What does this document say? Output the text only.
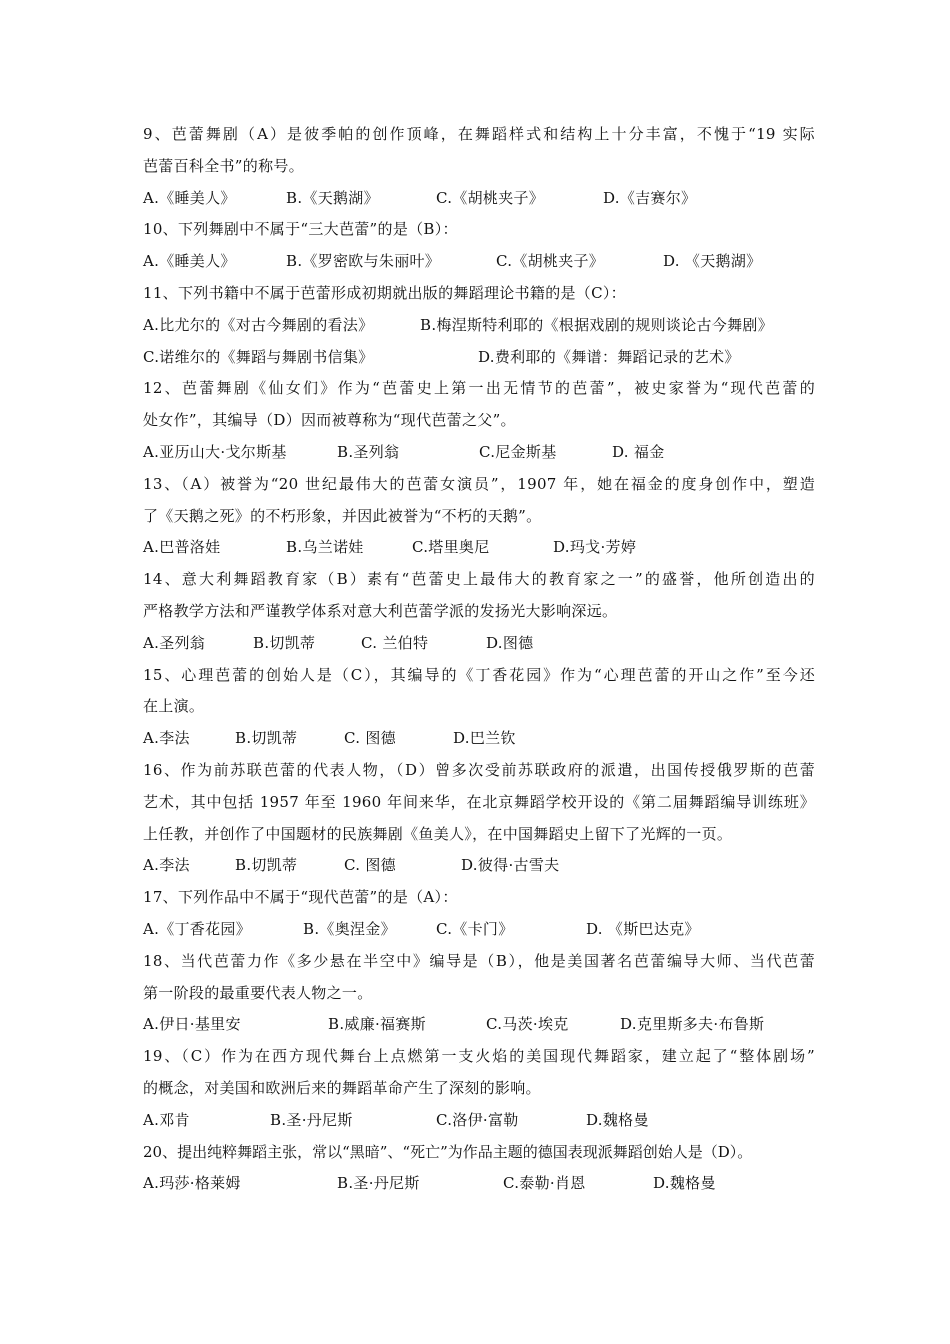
9、芭蕾舞剧（A）是彼季帕的创作顶峰，在舞蹈样式和结构上十分丰富，不愧于“19 实际
芭蕾百科全书”的称号。
A.《睡美人》	B.《天鹅湖》	C.《胡桃夹子》	D.《吉赛尔》
10、下列舞剧中不属于“三大芭蕾”的是（B）：
A.《睡美人》	B.《罗密欧与朱丽叶》	C.《胡桃夹子》	D. 《天鹅湖》
11、下列书籍中不属于芭蕾形成初期就出版的舞蹈理论书籍的是（C）：
A.比尤尔的《对古今舞剧的看法》	B.梅涅斯特利耶的《根据戏剧的规则谈论古今舞剧》
C.诺维尔的《舞蹈与舞剧书信集》	D.费利耶的《舞谱：舞蹈记录的艺术》
12、芭蕾舞剧《仙女们》作为“芭蕾史上第一出无情节的芭蕾”，被史家誉为“现代芭蕾的
处女作”，其编导（D）因而被尊称为“现代芭蕾之父”。
A.亚历山大·戈尔斯基	B.圣列翁	C.尼金斯基	D. 福金
13、（A）被誉为“20 世纪最伟大的芭蕾女演员”，1907 年，她在福金的度身创作中，塑造
了《天鹅之死》的不朽形象，并因此被誉为“不朽的天鹅”。
A.巴普洛娃	B.乌兰诺娃	C.塔里奥尼	D.玛戈·芳婷
14、意大利舞蹈教育家（B）素有“芭蕾史上最伟大的教育家之一”的盛誉，他所创造出的
严格教学方法和严谨教学体系对意大利芭蕾学派的发扬光大影响深远。
A.圣列翁	B.切凯蒂	C. 兰伯特	D.图德
15、心理芭蕾的创始人是（C），其编导的《丁香花园》作为“心理芭蕾的开山之作”至今还
在上演。
A.李法	B.切凯蒂	C. 图德	D.巴兰钦
16、作为前苏联芭蕾的代表人物，（D）曾多次受前苏联政府的派遣，出国传授俄罗斯的芭蕾
艺术，其中包括 1957 年至 1960 年间来华，在北京舞蹈学校开设的《第二届舞蹈编导训练班》
上任教，并创作了中国题材的民族舞剧《鱼美人》，在中国舞蹈史上留下了光辉的一页。
A.李法	B.切凯蒂	C. 图德	D.彼得·古雪夫
17、下列作品中不属于“现代芭蕾”的是（A）：
A.《丁香花园》	B.《奥涅金》	C.《卡门》	D. 《斯巴达克》
18、当代芭蕾力作《多少悬在半空中》编导是（B），他是美国著名芭蕾编导大师、当代芭蕾
第一阶段的最重要代表人物之一。
A.伊日·基里安	B.威廉·福赛斯	C.马茨·埃克	D.克里斯多夫·布鲁斯
19、（C）作为在西方现代舞台上点燃第一支火焰的美国现代舞蹈家，建立起了“整体剧场”
的概念，对美国和欧洲后来的舞蹈革命产生了深刻的影响。
A.邓肯	B.圣·丹尼斯	C.洛伊·富勒	D.魏格曼
20、提出纯粹舞蹈主张，常以“黑暗”、“死亡”为作品主题的德国表现派舞蹈创始人是（D）。
A.玛莎·格莱姆	B.圣·丹尼斯	C.泰勒·肖恩	D.魏格曼
